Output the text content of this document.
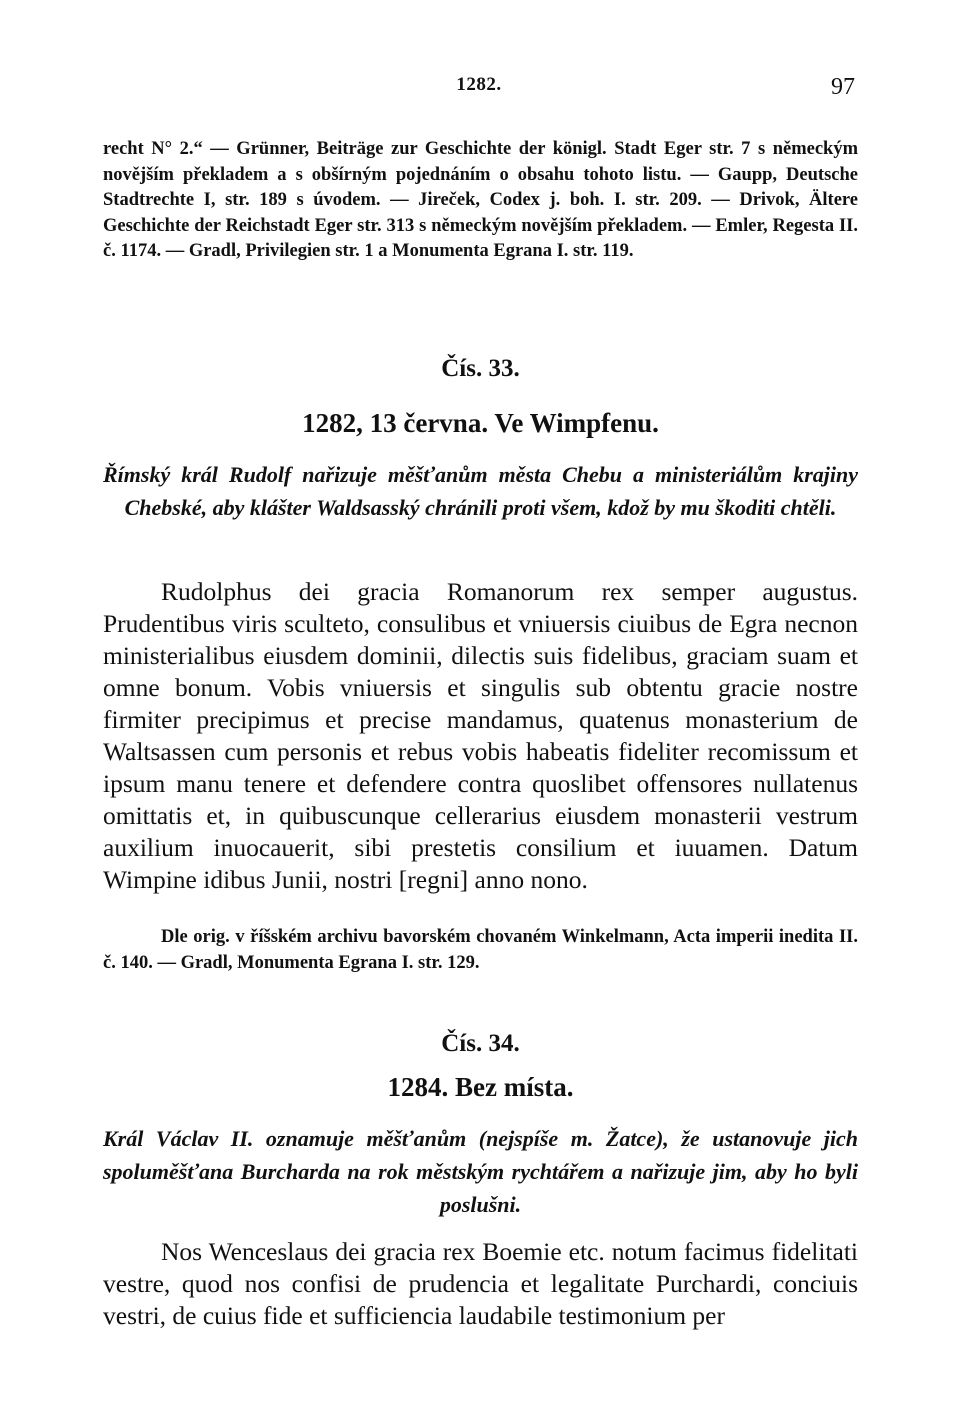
1282.	97

recht N° 2.“ — Grünner, Beiträge zur Geschichte der königl. Stadt Eger str. 7 s německým novějším překladem a s obšírným pojednáním o obsahu tohoto listu. — Gaupp, Deutsche Stadtrechte I, str. 189 s úvodem. — Jireček, Codex j. boh. I. str. 209. — Drivok, Ältere Geschichte der Reichstadt Eger str. 313 s německým novějším překladem. — Emler, Regesta II. č. 1174. — Gradl, Privilegien str. 1 a Monumenta Egrana I. str. 119.

Čís. 33.
1282, 13 června. Ve Wimpfenu.

Římský král Rudolf nařizuje měšťanům města Chebu a ministeriálům krajiny Chebské, aby klášter Waldsasský chránili proti všem, kdož by mu škoditi chtěli.

Rudolphus dei gracia Romanorum rex semper augustus. Prudentibus viris sculteto, consulibus et vniuersis ciuibus de Egra necnon ministerialibus eiusdem dominii, dilectis suis fidelibus, graciam suam et omne bonum. Vobis vniuersis et singulis sub obtentu gracie nostre firmiter precipimus et precise mandamus, quatenus monasterium de Waltsassen cum personis et rebus vobis habeatis fideliter recomissum et ipsum manu tenere et defendere contra quoslibet offensores nullatenus omittatis et, in quibuscunque cellerarius eiusdem monasterii vestrum auxilium inuocauerit, sibi prestetis consilium et iuuamen. Datum Wimpine idibus Junii, nostri [regni] anno nono.

Dle orig. v říšském archivu bavorském chovaném Winkelmann, Acta imperii inedita II. č. 140. — Gradl, Monumenta Egrana I. str. 129.

Čís. 34.
1284. Bez místa.

Král Václav II. oznamuje měšťanům (nejspíše m. Žatce), že ustanovuje jich spoluměšťana Burcharda na rok městským rychtářem a nařizuje jim, aby ho byli poslušni.

Nos Wenceslaus dei gracia rex Boemie etc. notum facimus fidelitati vestre, quod nos confisi de prudencia et legalitate Purchardi, conciuis vestri, de cuius fide et sufficiencia laudabile testimonium per
